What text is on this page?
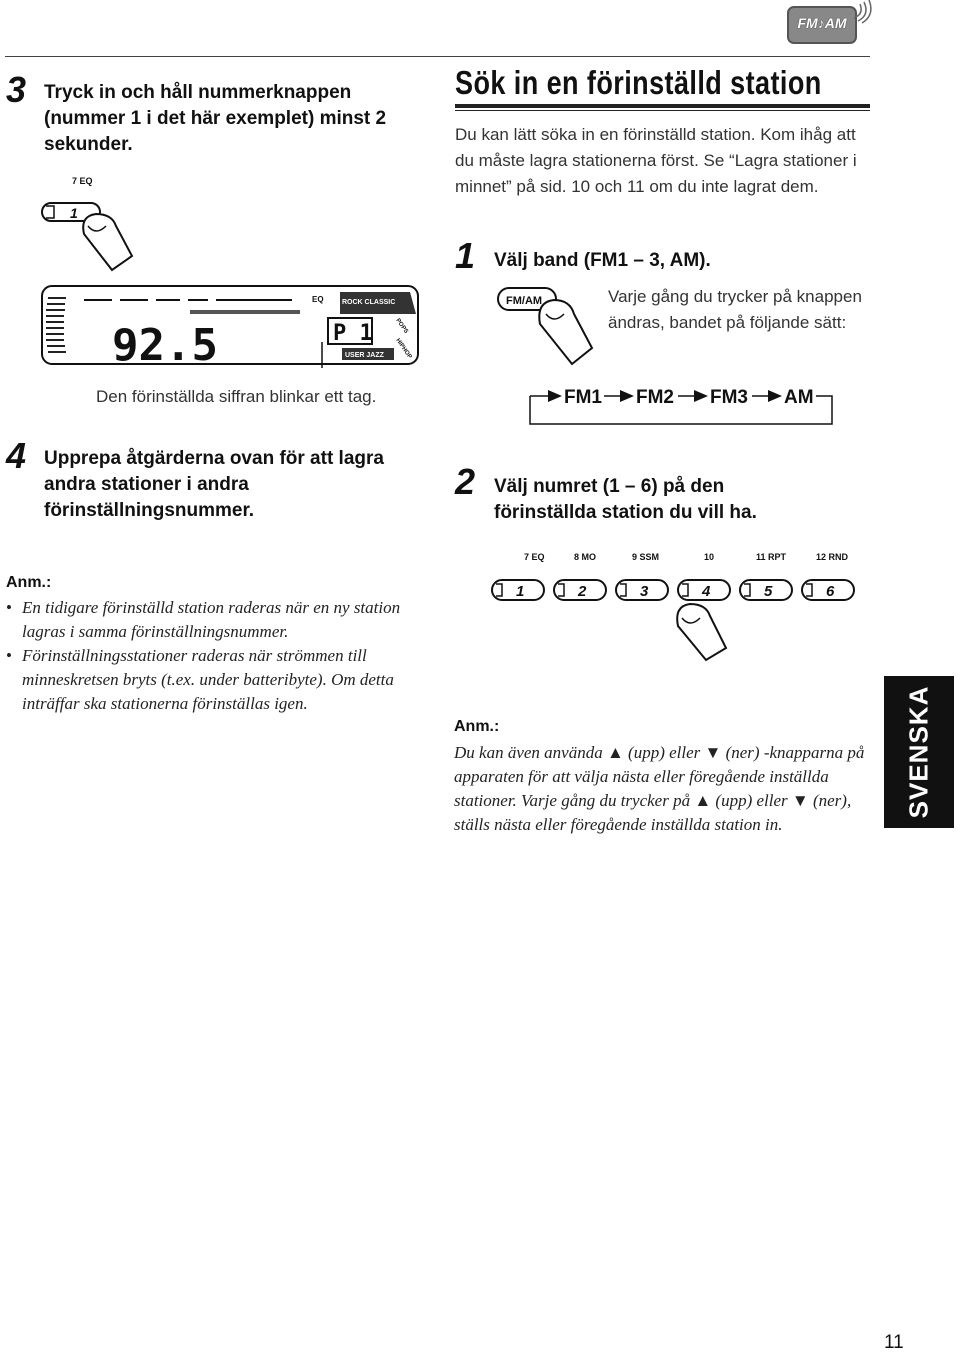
FM♪AM
3 Tryck in och håll nummerknappen (nummer 1 i det här exemplet) minst 2 sekunder.
7 EQ
1
92.5	P 1
EQ	ROCK CLASSIC
POPS
HIPHOP
USER JAZZ
Den förinställda siffran blinkar ett tag.
4 Upprepa åtgärderna ovan för att lagra andra stationer i andra förinställningsnummer.
Anm.:
• En tidigare förinställd station raderas när en ny station lagras i samma förinställningsnummer.
• Förinställningsstationer raderas när strömmen till minneskretsen bryts (t.ex. under batteribyte). Om detta inträffar ska stationerna förinställas igen.
Sök in en förinställd station
Du kan lätt söka in en förinställd station. Kom ihåg att du måste lagra stationerna först. Se “Lagra stationer i minnet” på sid. 10 och 11 om du inte lagrat dem.
1 Välj band (FM1 – 3, AM).
FM/AM	Varje gång du trycker på knappen ändras, bandet på följande sätt:
FM1 FM2 FM3 AM
2 Välj numret (1 – 6) på den förinställda station du vill ha.
7 EQ	8 MO	9 SSM	10	11 RPT	12 RND
1	2	3	4	5	6
Anm.:
Du kan även använda ▲ (upp) eller ▼ (ner) -knapparna på apparaten för att välja nästa eller föregående inställda stationer. Varje gång du trycker på ▲ (upp) eller ▼ (ner), ställs nästa eller föregående inställda station in.
SVENSKA
11
